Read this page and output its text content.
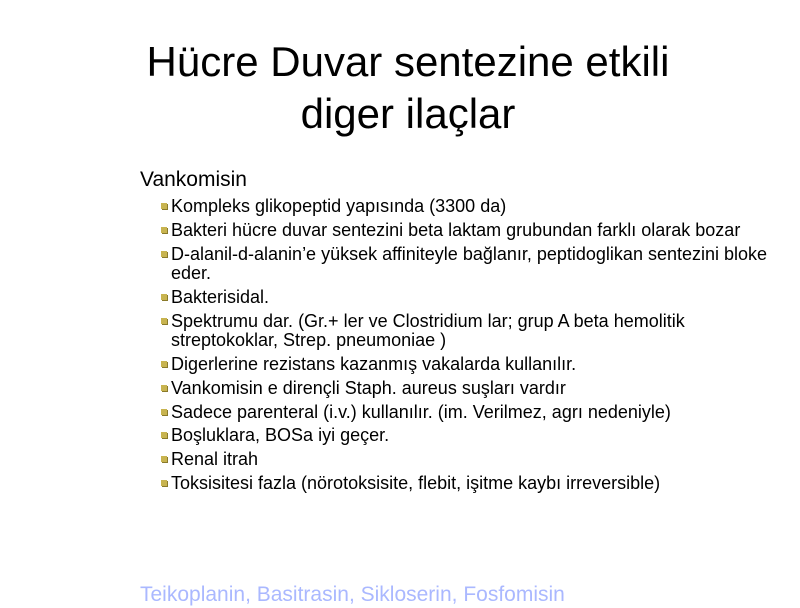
Hücre Duvar sentezine etkili
diger ilaçlar

Vankomisin

Kompleks glikopeptid yapısında (3300 da)
Bakteri hücre duvar sentezini beta laktam grubundan farklı olarak bozar
D-alanil-d-alanin’e yüksek affiniteyle bağlanır, peptidoglikan sentezini bloke eder.
Bakterisidal.
Spektrumu dar. (Gr.+ ler ve Clostridium lar; grup A beta hemolitik streptokoklar, Strep. pneumoniae )
Digerlerine rezistans kazanmış vakalarda kullanılır.
Vankomisin e dirençli Staph. aureus suşları vardır
Sadece parenteral (i.v.) kullanılır. (im. Verilmez, agrı nedeniyle)
Boşluklara, BOSa iyi geçer.
Renal itrah
Toksisitesi fazla (nörotoksisite, flebit, işitme kaybı irreversible)

Teikoplanin, Basitrasin, Sikloserin, Fosfomisin
